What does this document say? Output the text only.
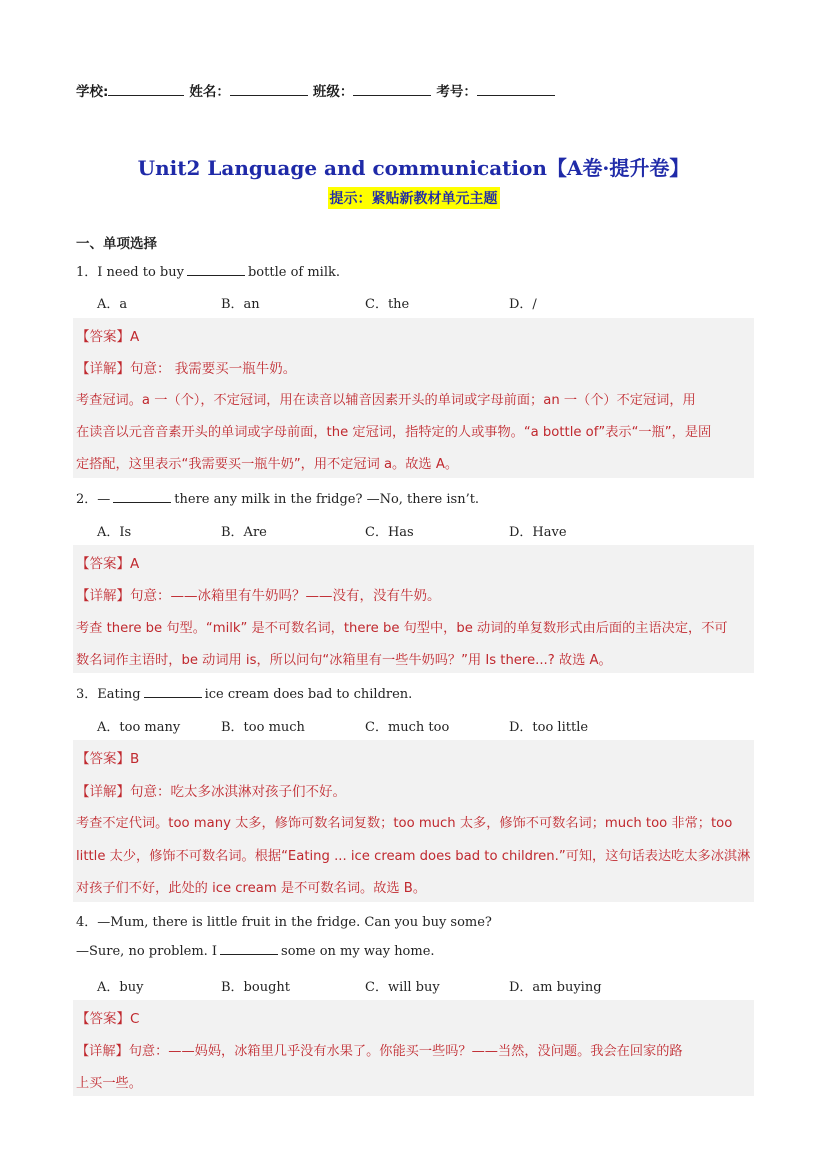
学校:	姓名：	班级：	考号：
Unit2 Language and communication【A卷·提升卷】
提示：紧贴新教材单元主题
一、单项选择
1．I need to buy	bottle of milk.
A．a	B．an	C．the	D．/
【答案】A
【详解】句意： 我需要买一瓶牛奶。
考查冠词。a 一（个），不定冠词，用在读音以辅音因素开头的单词或字母前面；an 一（个）不定冠词，用
在读音以元音音素开头的单词或字母前面，the 定冠词，指特定的人或事物。“a bottle of”表示“一瓶”，是固
定搭配，这里表示“我需要买一瓶牛奶”，用不定冠词 a。故选 A。
2．—	there any milk in the fridge? —No, there isn’t.
A．Is	B．Are	C．Has	D．Have
【答案】A
【详解】句意：——冰箱里有牛奶吗？——没有，没有牛奶。
考查 there be 句型。“milk” 是不可数名词，there be 句型中，be 动词的单复数形式由后面的主语决定，不可
数名词作主语时，be 动词用 is，所以问句“冰箱里有一些牛奶吗？”用 Is there...? 故选 A。
3．Eating	ice cream does bad to children.
A．too many	B．too much	C．much too	D．too little
【答案】B
【详解】句意：吃太多冰淇淋对孩子们不好。
考查不定代词。too many 太多，修饰可数名词复数；too much 太多，修饰不可数名词；much too 非常；too
little 太少，修饰不可数名词。根据“Eating ... ice cream does bad to children.”可知，这句话表达吃太多冰淇淋
对孩子们不好，此处的 ice cream 是不可数名词。故选 B。
4．—Mum, there is little fruit in the fridge. Can you buy some?
—Sure, no problem. I	some on my way home.
A．buy	B．bought	C．will buy	D．am buying
【答案】C
【详解】句意：——妈妈，冰箱里几乎没有水果了。你能买一些吗？——当然，没问题。我会在回家的路
上买一些。
